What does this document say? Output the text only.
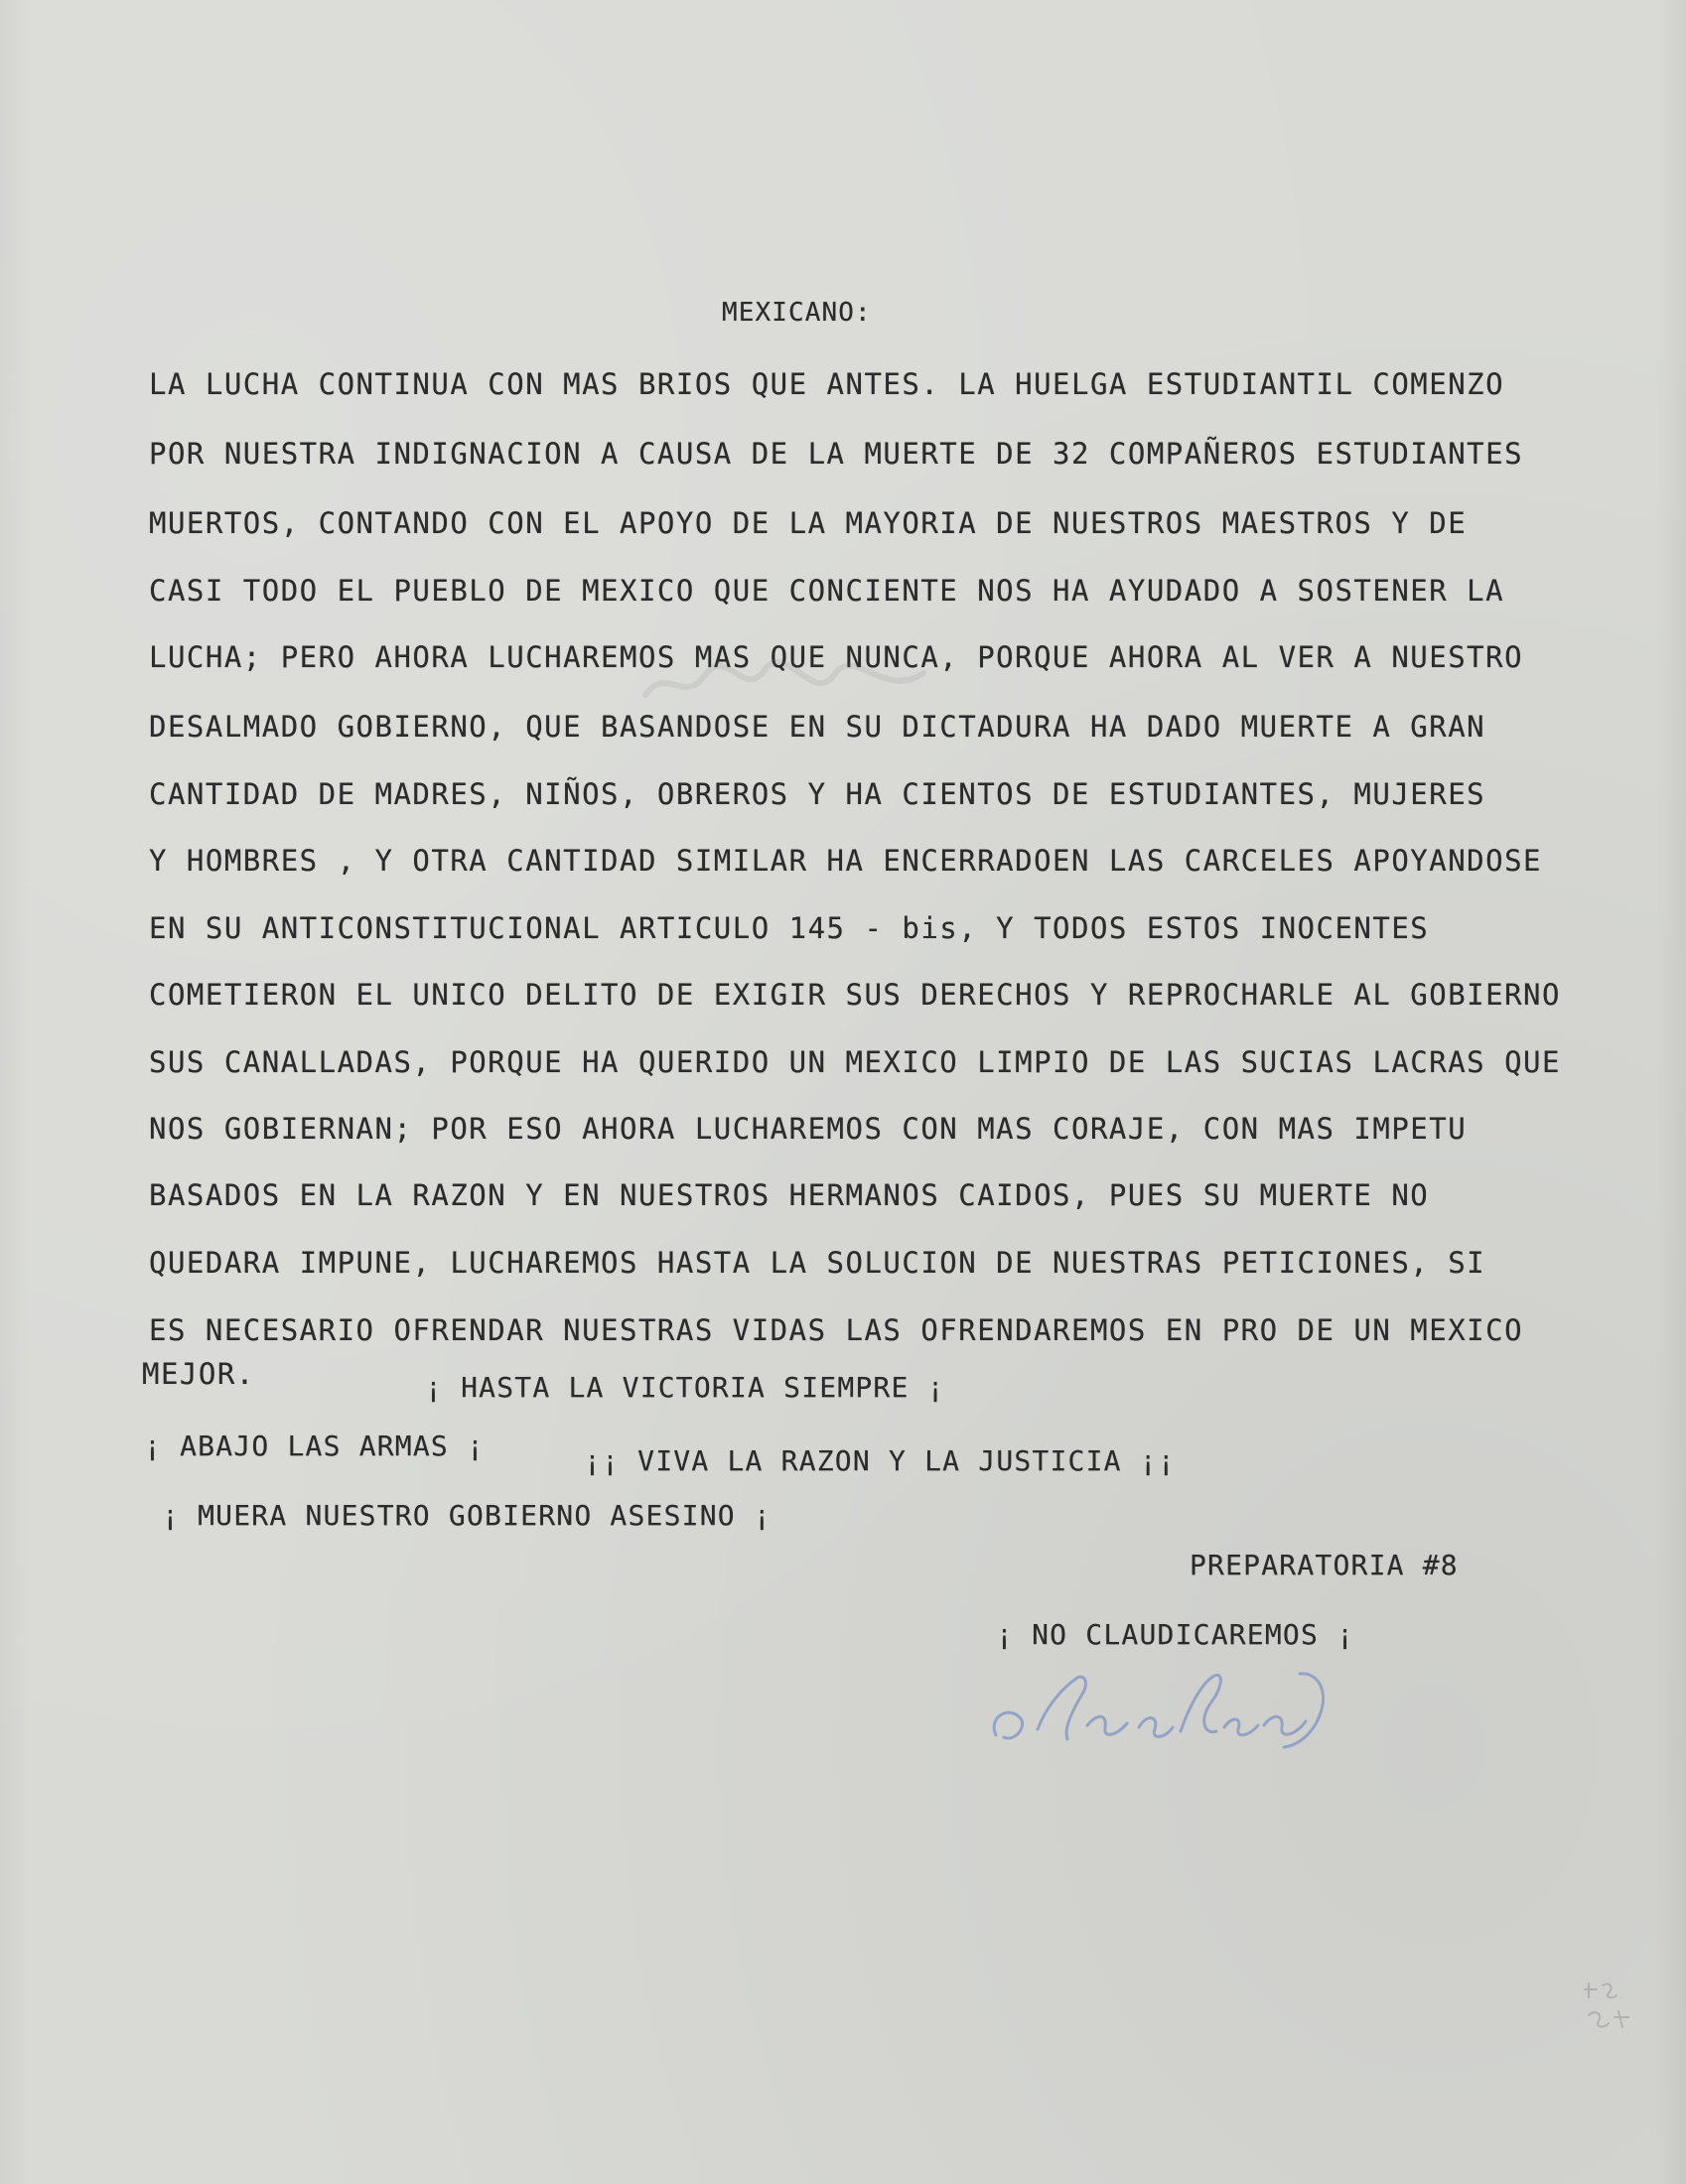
MEXICANO:
LA LUCHA CONTINUA CON MAS BRIOS QUE ANTES. LA HUELGA ESTUDIANTIL COMENZO
POR NUESTRA INDIGNACION A CAUSA DE LA MUERTE DE 32 COMPAÑEROS ESTUDIANTES
MUERTOS, CONTANDO CON EL APOYO DE LA MAYORIA DE NUESTROS MAESTROS Y DE
CASI TODO EL PUEBLO DE MEXICO QUE CONCIENTE NOS HA AYUDADO A SOSTENER LA
LUCHA; PERO AHORA LUCHAREMOS MAS QUE NUNCA, PORQUE AHORA AL VER A NUESTRO
DESALMADO GOBIERNO, QUE BASANDOSE EN SU DICTADURA HA DADO MUERTE A GRAN
CANTIDAD DE MADRES, NIÑOS, OBREROS Y HA CIENTOS DE ESTUDIANTES, MUJERES
Y HOMBRES , Y OTRA CANTIDAD SIMILAR HA ENCERRADOEN LAS CARCELES APOYANDOSE
EN SU ANTICONSTITUCIONAL ARTICULO 145 - bis, Y TODOS ESTOS INOCENTES
COMETIERON EL UNICO DELITO DE EXIGIR SUS DERECHOS Y REPROCHARLE AL GOBIERNO
SUS CANALLADAS, PORQUE HA QUERIDO UN MEXICO LIMPIO DE LAS SUCIAS LACRAS QUE
NOS GOBIERNAN; POR ESO AHORA LUCHAREMOS CON MAS CORAJE, CON MAS IMPETU
BASADOS EN LA RAZON Y EN NUESTROS HERMANOS CAIDOS, PUES SU MUERTE NO
QUEDARA IMPUNE, LUCHAREMOS HASTA LA SOLUCION DE NUESTRAS PETICIONES, SI
ES NECESARIO OFRENDAR NUESTRAS VIDAS LAS OFRENDAREMOS EN PRO DE UN MEXICO
MEJOR.	¡ HASTA LA VICTORIA SIEMPRE ¡
¡ ABAJO LAS ARMAS ¡	¡¡ VIVA LA RAZON Y LA JUSTICIA ¡¡
¡ MUERA NUESTRO GOBIERNO ASESINO ¡
PREPARATORIA #8
¡ NO CLAUDICAREMOS ¡
